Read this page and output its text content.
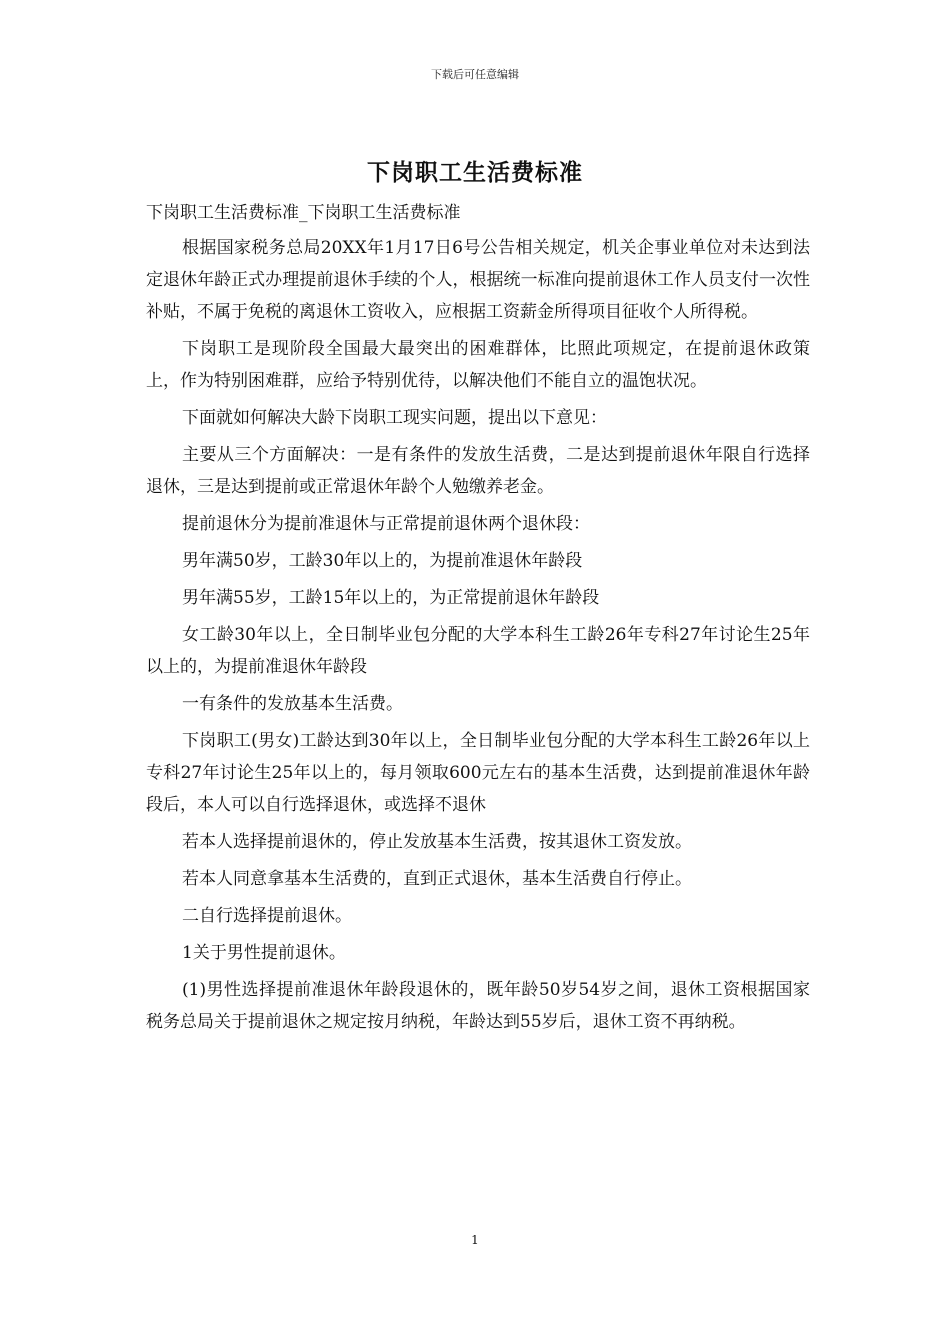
下载后可任意编辑
下岗职工生活费标准

下岗职工生活费标准_下岗职工生活费标准

根据国家税务总局20XX年1月17日6号公告相关规定，机关企事业单位对未达到法定退休年龄正式办理提前退休手续的个人，根据统一标准向提前退休工作人员支付一次性补贴，不属于免税的离退休工资收入，应根据工资薪金所得项目征收个人所得税。

下岗职工是现阶段全国最大最突出的困难群体，比照此项规定，在提前退休政策上，作为特别困难群，应给予特别优待，以解决他们不能自立的温饱状况。

下面就如何解决大龄下岗职工现实问题，提出以下意见：

主要从三个方面解决：一是有条件的发放生活费，二是达到提前退休年限自行选择退休，三是达到提前或正常退休年龄个人勉缴养老金。

提前退休分为提前准退休与正常提前退休两个退休段：

男年满50岁，工龄30年以上的，为提前准退休年龄段

男年满55岁，工龄15年以上的，为正常提前退休年龄段

女工龄30年以上，全日制毕业包分配的大学本科生工龄26年专科27年讨论生25年以上的，为提前准退休年龄段

一有条件的发放基本生活费。

下岗职工(男女)工龄达到30年以上，全日制毕业包分配的大学本科生工龄26年以上专科27年讨论生25年以上的，每月领取600元左右的基本生活费，达到提前准退休年龄段后，本人可以自行选择退休，或选择不退休

若本人选择提前退休的，停止发放基本生活费，按其退休工资发放。

若本人同意拿基本生活费的，直到正式退休，基本生活费自行停止。

二自行选择提前退休。

1关于男性提前退休。

(1)男性选择提前准退休年龄段退休的，既年龄50岁54岁之间，退休工资根据国家税务总局关于提前退休之规定按月纳税，年龄达到55岁后，退休工资不再纳税。

1
